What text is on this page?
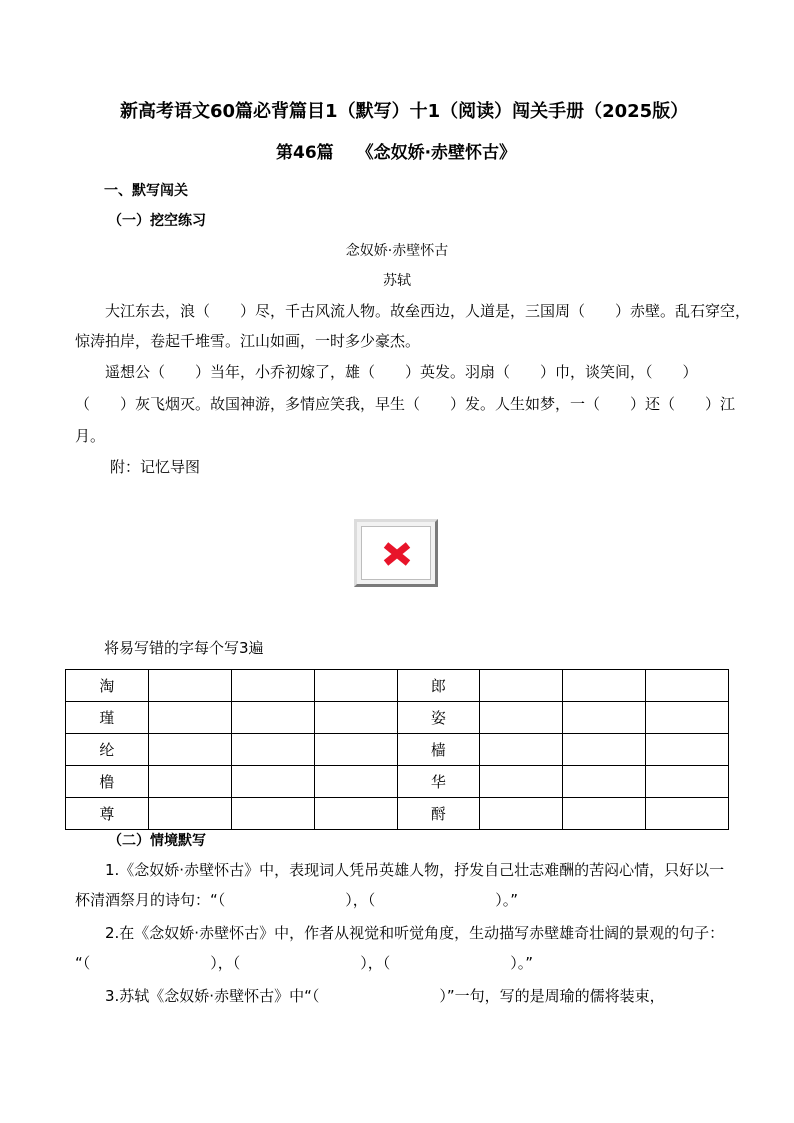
新高考语文60篇必背篇目1（默写）十1（阅读）闯关手册（2025版）
第46篇　 《念奴娇·赤壁怀古》
一、默写闯关
（一）挖空练习
念奴娇·赤壁怀古
苏轼
　　大江东去，浪（　　）尽，千古风流人物。故垒西边，人道是，三国周（　　）赤壁。乱石穿空，
惊涛拍岸，卷起千堆雪。江山如画，一时多少豪杰。
　　遥想公（　　）当年，小乔初嫁了，雄（　　）英发。羽扇（　　）巾，谈笑间，（　　）
（　　）灰飞烟灭。故国神游，多情应笑我，早生（　　）发。人生如梦，一（　　）还（　　）江
月。
　　附：记忆导图
将易写错的字每个写3遍
淘				郎			
瑾				姿			
纶				樯			
橹				华			
尊				酹			
（二）情境默写
　　1.《念奴娇·赤壁怀古》中，表现词人凭吊英雄人物，抒发自己壮志难酬的苦闷心情，只好以一
杯清酒祭月的诗句：“（　　　　　　　　），（　　　　　　　　）。”
　　2.在《念奴娇·赤壁怀古》中，作者从视觉和听觉角度，生动描写赤壁雄奇壮阔的景观的句子：
“（　　　　　　　　），（　　　　　　　　），（　　　　　　　　）。”
　　3.苏轼《念奴娇·赤壁怀古》中“（　　　　　　　　）”一句，写的是周瑜的儒将装束，
